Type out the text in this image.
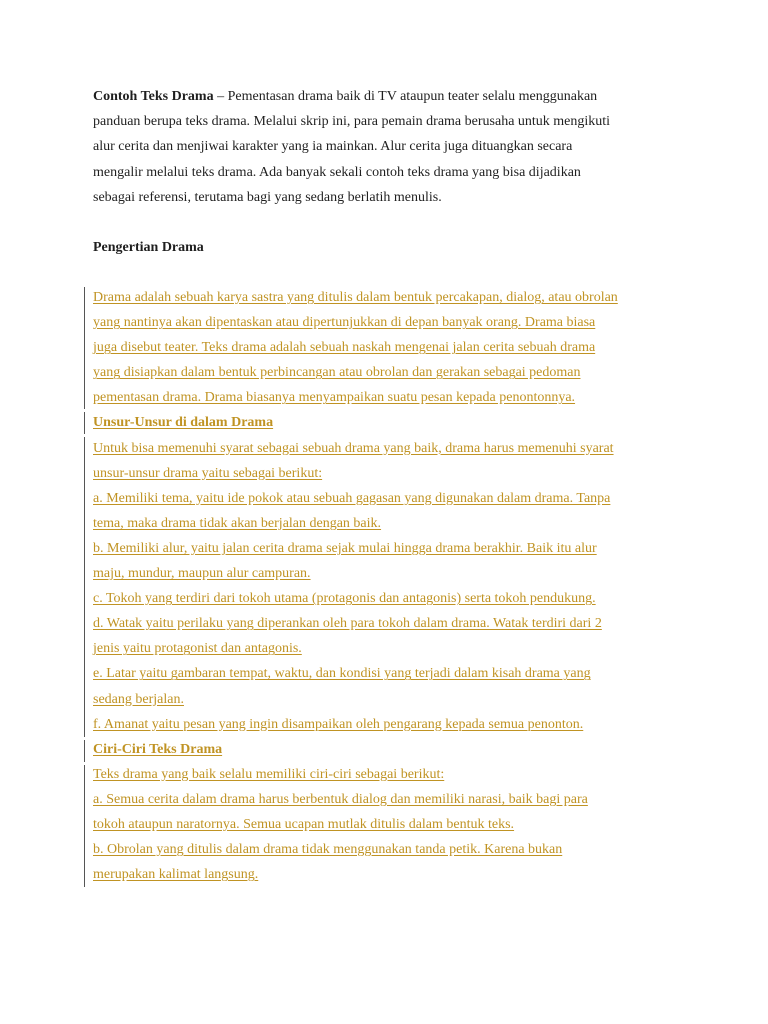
Contoh Teks Drama – Pementasan drama baik di TV ataupun teater selalu menggunakan
panduan berupa teks drama. Melalui skrip ini, para pemain drama berusaha untuk mengikuti
alur cerita dan menjiwai karakter yang ia mainkan. Alur cerita juga dituangkan secara
mengalir melalui teks drama. Ada banyak sekali contoh teks drama yang bisa dijadikan
sebagai referensi, terutama bagi yang sedang berlatih menulis.
Pengertian Drama
Drama adalah sebuah karya sastra yang ditulis dalam bentuk percakapan, dialog, atau obrolan
yang nantinya akan dipentaskan atau dipertunjukkan di depan banyak orang. Drama biasa
juga disebut teater. Teks drama adalah sebuah naskah mengenai jalan cerita sebuah drama
yang disiapkan dalam bentuk perbincangan atau obrolan dan gerakan sebagai pedoman
pementasan drama. Drama biasanya menyampaikan suatu pesan kepada penontonnya.
Unsur-Unsur di dalam Drama
Untuk bisa memenuhi syarat sebagai sebuah drama yang baik, drama harus memenuhi syarat
unsur-unsur drama yaitu sebagai berikut:
a. Memiliki tema, yaitu ide pokok atau sebuah gagasan yang digunakan dalam drama. Tanpa
tema, maka drama tidak akan berjalan dengan baik.
b. Memiliki alur, yaitu jalan cerita drama sejak mulai hingga drama berakhir. Baik itu alur
maju, mundur, maupun alur campuran.
c. Tokoh yang terdiri dari tokoh utama (protagonis dan antagonis) serta tokoh pendukung.
d. Watak yaitu perilaku yang diperankan oleh para tokoh dalam drama. Watak terdiri dari 2
jenis yaitu protagonist dan antagonis.
e. Latar yaitu gambaran tempat, waktu, dan kondisi yang terjadi dalam kisah drama yang
sedang berjalan.
f. Amanat yaitu pesan yang ingin disampaikan oleh pengarang kepada semua penonton.
Ciri-Ciri Teks Drama
Teks drama yang baik selalu memiliki ciri-ciri sebagai berikut:
a. Semua cerita dalam drama harus berbentuk dialog dan memiliki narasi, baik bagi para
tokoh ataupun naratornya. Semua ucapan mutlak ditulis dalam bentuk teks.
b. Obrolan yang ditulis dalam drama tidak menggunakan tanda petik. Karena bukan
merupakan kalimat langsung.
